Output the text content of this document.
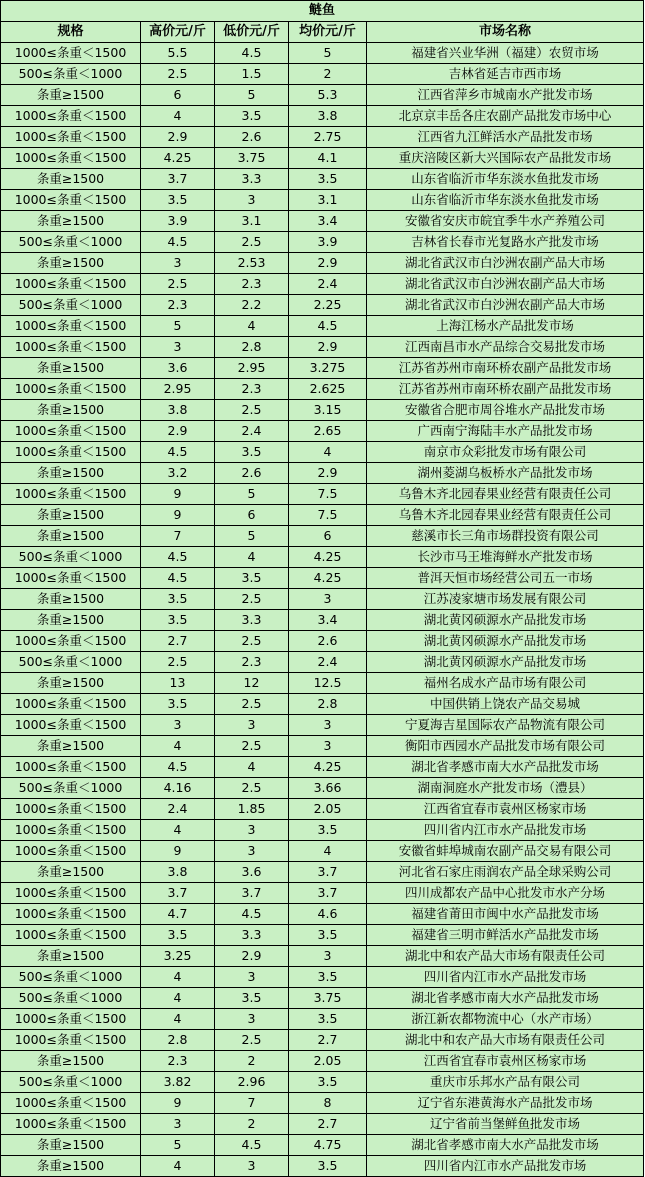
鲢鱼				
规格	高价元/斤	低价元/斤	均价元/斤	市场名称
1000≤条重＜1500	5.5	4.5	5	福建省兴业华洲（福建）农贸市场
500≤条重＜1000	2.5	1.5	2	吉林省延吉市西市场
条重≥1500	6	5	5.3	江西省萍乡市城南水产批发市场
1000≤条重＜1500	4	3.5	3.8	北京京丰岳各庄农副产品批发市场中心
1000≤条重＜1500	2.9	2.6	2.75	江西省九江鲜活水产品批发市场
1000≤条重＜1500	4.25	3.75	4.1	重庆涪陵区新大兴国际农产品批发市场
条重≥1500	3.7	3.3	3.5	山东省临沂市华东淡水鱼批发市场
1000≤条重＜1500	3.5	3	3.1	山东省临沂市华东淡水鱼批发市场
条重≥1500	3.9	3.1	3.4	安徽省安庆市皖宜季牛水产养殖公司
500≤条重＜1000	4.5	2.5	3.9	吉林省长春市光复路水产批发市场
条重≥1500	3	2.53	2.9	湖北省武汉市白沙洲农副产品大市场
1000≤条重＜1500	2.5	2.3	2.4	湖北省武汉市白沙洲农副产品大市场
500≤条重＜1000	2.3	2.2	2.25	湖北省武汉市白沙洲农副产品大市场
1000≤条重＜1500	5	4	4.5	上海江杨水产品批发市场
1000≤条重＜1500	3	2.8	2.9	江西南昌市水产品综合交易批发市场
条重≥1500	3.6	2.95	3.275	江苏省苏州市南环桥农副产品批发市场
1000≤条重＜1500	2.95	2.3	2.625	江苏省苏州市南环桥农副产品批发市场
条重≥1500	3.8	2.5	3.15	安徽省合肥市周谷堆水产品批发市场
1000≤条重＜1500	2.9	2.4	2.65	广西南宁海陆丰水产品批发市场
1000≤条重＜1500	4.5	3.5	4	南京市众彩批发市场有限公司
条重≥1500	3.2	2.6	2.9	湖州菱湖乌板桥水产品批发市场
1000≤条重＜1500	9	5	7.5	乌鲁木齐北园春果业经营有限责任公司
条重≥1500	9	6	7.5	乌鲁木齐北园春果业经营有限责任公司
条重≥1500	7	5	6	慈溪市长三角市场群投资有限公司
500≤条重＜1000	4.5	4	4.25	长沙市马王堆海鲜水产批发市场
1000≤条重＜1500	4.5	3.5	4.25	普洱天恒市场经营公司五一市场
条重≥1500	3.5	2.5	3	江苏凌家塘市场发展有限公司
条重≥1500	3.5	3.3	3.4	湖北黄冈硕源水产品批发市场
1000≤条重＜1500	2.7	2.5	2.6	湖北黄冈硕源水产品批发市场
500≤条重＜1000	2.5	2.3	2.4	湖北黄冈硕源水产品批发市场
条重≥1500	13	12	12.5	福州名成水产品市场有限公司
1000≤条重＜1500	3.5	2.5	2.8	中国供销上饶农产品交易城
1000≤条重＜1500	3	3	3	宁夏海吉星国际农产品物流有限公司
条重≥1500	4	2.5	3	衡阳市西园水产品批发市场有限公司
1000≤条重＜1500	4.5	4	4.25	湖北省孝感市南大水产品批发市场
500≤条重＜1000	4.16	2.5	3.66	湖南洞庭水产批发市场（澧县）
1000≤条重＜1500	2.4	1.85	2.05	江西省宜春市袁州区杨家市场
1000≤条重＜1500	4	3	3.5	四川省内江市水产品批发市场
1000≤条重＜1500	9	3	4	安徽省蚌埠城南农副产品交易有限公司
条重≥1500	3.8	3.6	3.7	河北省石家庄雨润农产品全球采购公司
1000≤条重＜1500	3.7	3.7	3.7	四川成都农产品中心批发市水产分场
1000≤条重＜1500	4.7	4.5	4.6	福建省莆田市闽中水产品批发市场
1000≤条重＜1500	3.5	3.3	3.5	福建省三明市鲜活水产品批发市场
条重≥1500	3.25	2.9	3	湖北中和农产品大市场有限责任公司
500≤条重＜1000	4	3	3.5	四川省内江市水产品批发市场
500≤条重＜1000	4	3.5	3.75	湖北省孝感市南大水产品批发市场
1000≤条重＜1500	4	3	3.5	浙江新农都物流中心（水产市场）
1000≤条重＜1500	2.8	2.5	2.7	湖北中和农产品大市场有限责任公司
条重≥1500	2.3	2	2.05	江西省宜春市袁州区杨家市场
500≤条重＜1000	3.82	2.96	3.5	重庆市乐邦水产品有限公司
1000≤条重＜1500	9	7	8	辽宁省东港黄海水产品批发市场
1000≤条重＜1500	3	2	2.7	辽宁省前当堡鲜鱼批发市场
条重≥1500	5	4.5	4.75	湖北省孝感市南大水产品批发市场
条重≥1500	4	3	3.5	四川省内江市水产品批发市场
